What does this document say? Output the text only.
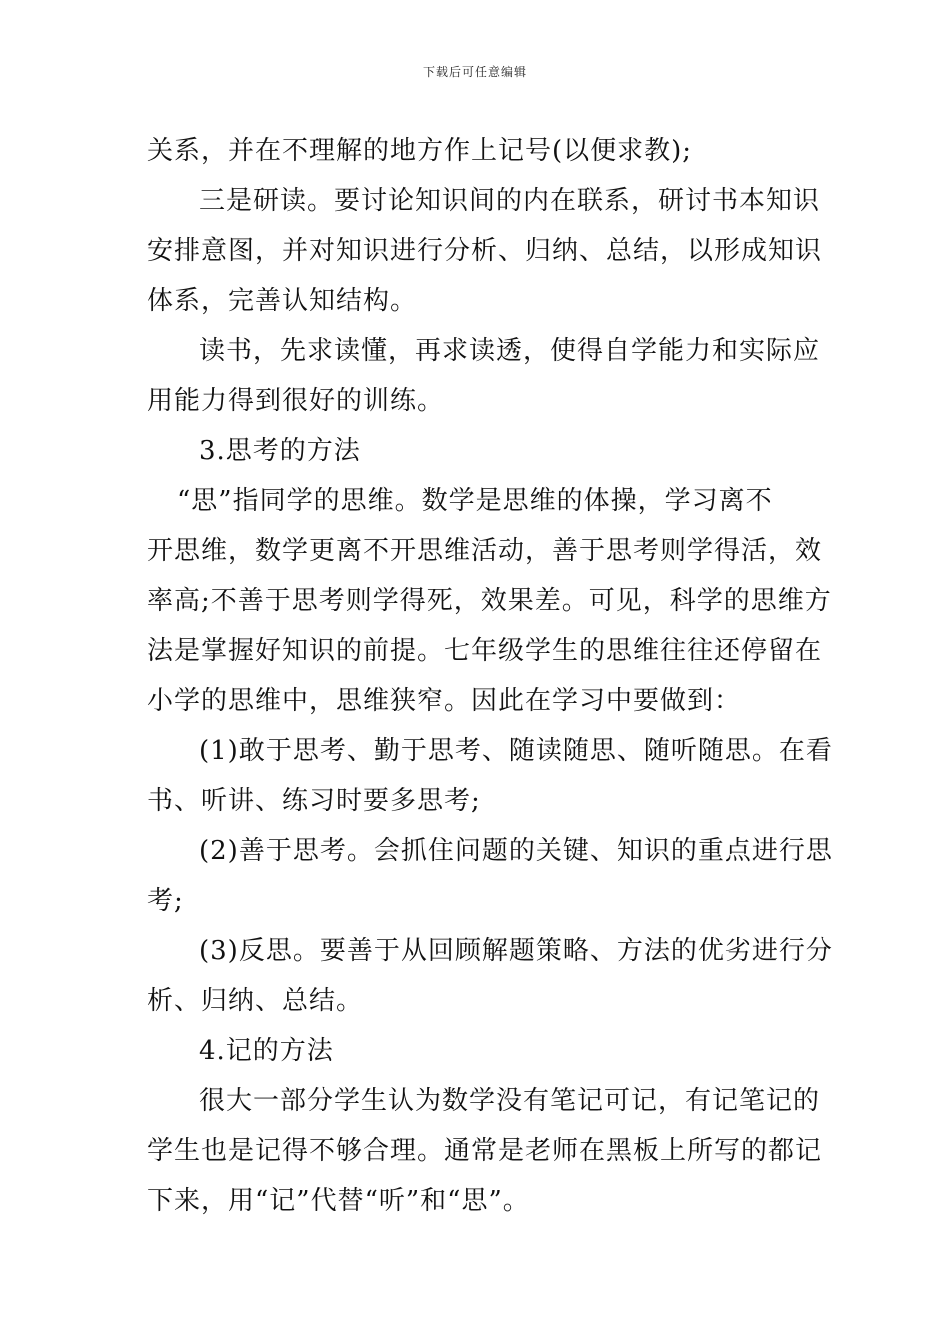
下载后可任意编辑
关系，并在不理解的地方作上记号(以便求教);
三是研读。要讨论知识间的内在联系，研讨书本知识
安排意图，并对知识进行分析、归纳、总结，以形成知识
体系，完善认知结构。
读书，先求读懂，再求读透，使得自学能力和实际应
用能力得到很好的训练。
3.思考的方法
“思”指同学的思维。数学是思维的体操，学习离不
开思维，数学更离不开思维活动，善于思考则学得活，效
率高;不善于思考则学得死，效果差。可见，科学的思维方
法是掌握好知识的前提。七年级学生的思维往往还停留在
小学的思维中，思维狭窄。因此在学习中要做到：
(1)敢于思考、勤于思考、随读随思、随听随思。在看
书、听讲、练习时要多思考;
(2)善于思考。会抓住问题的关键、知识的重点进行思
考;
(3)反思。要善于从回顾解题策略、方法的优劣进行分
析、归纳、总结。
4.记的方法
很大一部分学生认为数学没有笔记可记，有记笔记的
学生也是记得不够合理。通常是老师在黑板上所写的都记
下来，用“记”代替“听”和“思”。
